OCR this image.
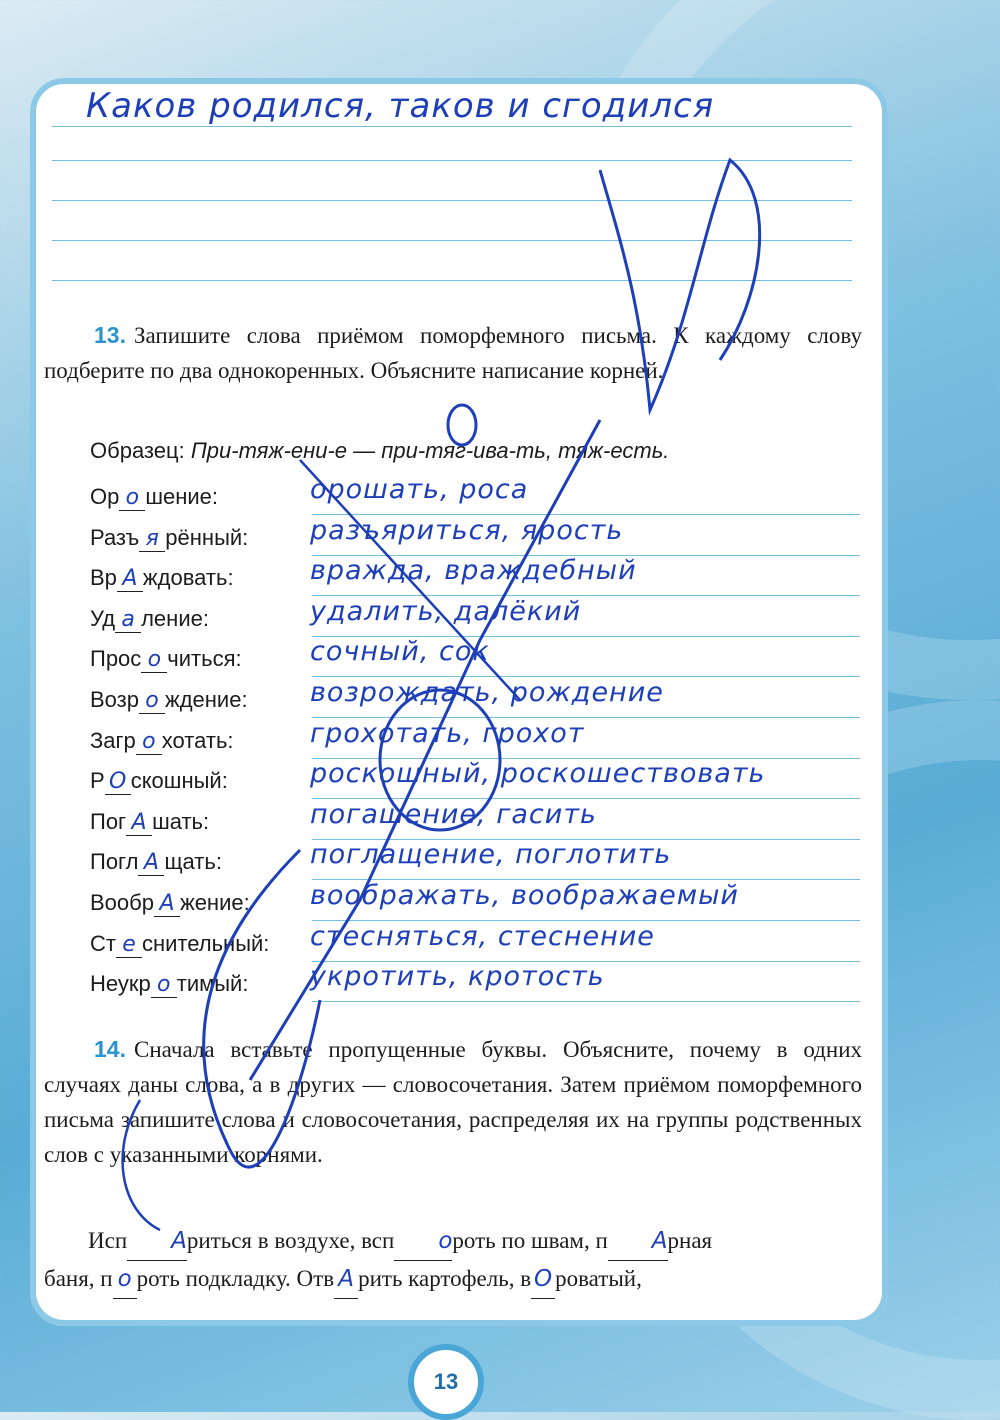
Каков родился, таков и сгодился
13. Запишите слова приёмом поморфемного письма. К каждому слову подберите по два однокоренных. Объясните написание корней.
Образец: При-тяж-ени-е — при-тяг-ива-ть, тяж-есть.
Ор о шение:	орошать, роса
Разъ я рённый: разъяриться, ярость
Вр А ждовать:	вражда, враждебный
Уд а ление:	удалить, далёкий
Прос о читься:	сочный, сок
Возр о ждение: возрождать, рождение
Загр о хотать:	грохотать, грохот
Р О скошный:	роскошный, роскошествовать
Пог А шать:	погашение, гасить
Погл А щать:	поглащение, поглотить
Вообр А жение: воображать, воображаемый
Ст е снительный: стесняться, стеснение
Неукр о тимый: укротить, кротость
14. Сначала вставьте пропущенные буквы. Объясните, почему в одних случаях даны слова, а в других — словосочетания. Затем приёмом поморфемного письма запишите слова и словосочетания, распределяя их на группы родственных слов с указанными корнями.
Исп Ариться в воздухе, всп ороть по швам, п Арная
баня, п о роть подкладку. Отв А рить картофель, в О роватый,
13
